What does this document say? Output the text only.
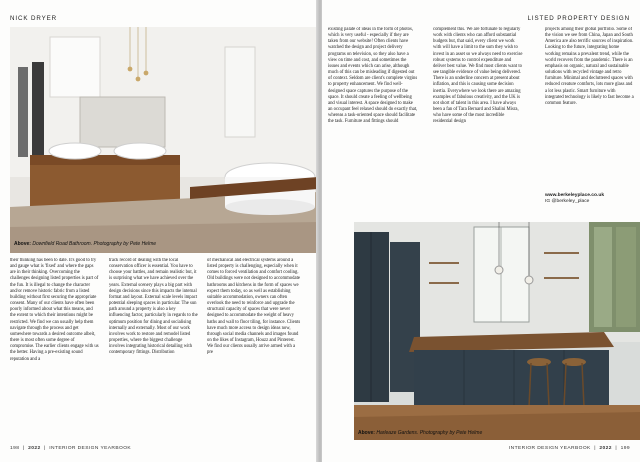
NICK DRYER
Above: Downfield Road Bathroom. Photography by Pete Helme

their thinking has been to date. It's good to try and gauge what is 'fixed' and where the gaps are in their thinking. Overcoming the challenges designing listed properties is part of the fun. It is illegal to change the character and/or remove historic fabric from a listed building without first securing the appropriate consent. Many of our clients have often been poorly informed about what this means, and the extent to which their intentions might be restricted. We find we can usually help them navigate through the process and get somewhere towards a desired outcome albeit, there is most often some degree of compromise. The earlier clients engage with us the better. Having a pre-existing sound reputation and a

track record of dealing with the local conservation officer is essential. You have to choose your battles, and remain realistic but, it is surprising what we have achieved over the years. External scenery plays a big part with design decisions since this impacts the internal format and layout. External scale levels impact potential sleeping spaces in particular. The sun path around a property is also a key influencing factor, particularly in regards to the optimum position for dining and socialising internally and externally. Most of our work involves work to restore and remodel listed properties, where the biggest challenge involves integrating historical detailing with contemporary fittings. Distribution

of mechanical and electrical systems around a listed property is challenging, especially when it comes to forced ventilation and comfort cooling. Old buildings were not designed to accommodate bathrooms and kitchens in the form of spaces we expect them today, so as well as establishing suitable accommodation, owners can often overlook the need to reinforce and upgrade the structural capacity of spaces that were never designed to accommodate the weight of heavy baths and wall to floor tiling, for instance. Clients have much more access to design ideas now, through social media channels and images found on the likes of Instagram, Houzz and Pinterest. We find our clients usually arrive armed with a pre

198  |  2022  |  INTERIOR DESIGN YEARBOOK
LISTED PROPERTY DESIGN

existing palate of ideas in the form of photos, which is very useful - especially if they are taken from our website! Often clients have watched the design and project delivery programs on television, so they also have a view on time and cost, and sometimes the issues and events which can arise, although much of this can be misleading if digested out of context. Seldom are client's complete virgins to property enhancement. We find well-designed space captures the purpose of the space. It should create a feeling of wellbeing and visual interest. A space designed to make an occupant feel relaxed should do exactly that, whereas a task-oriented space should facilitate the task. Furniture and fittings should

complement this. We are fortunate to regularly work with clients who can afford substantial budgets but, that said, every client we work with will have a limit to the sum they wish to invest in an asset so we always need to exercise robust systems to control expenditure and deliver best value. We find most clients want to see tangible evidence of value being delivered. There is an underline concern at present about inflation, and this is causing some decision inertia. Everywhere we look there are amazing examples of fabulous creativity, and the UK is not short of talent in this area. I have always been a fan of Tara Bernard and Shalini Misra, who have some of the most incredible residential design

projects among their global portfolio. Some of the vision we see from China, Japan and South America are also terrific sources of inspiration. Looking to the future, integrating home working remains a prevalent trend, while the world recovers from the pandemic. There is an emphasis on organic, natural and sustainable solutions with recycled vintage and retro furniture. Minimal and decluttered spaces with reduced creature comforts, lots more glass and a lot less plastic. Smart furniture with integrated technology is likely to fast become a common feature.

www.berkeleyplace.co.uk
IG @berkeley_place
Above: Harleaze Gardens. Photography by Pete Helme
INTERIOR DESIGN YEARBOOK  |  2022  |  199
